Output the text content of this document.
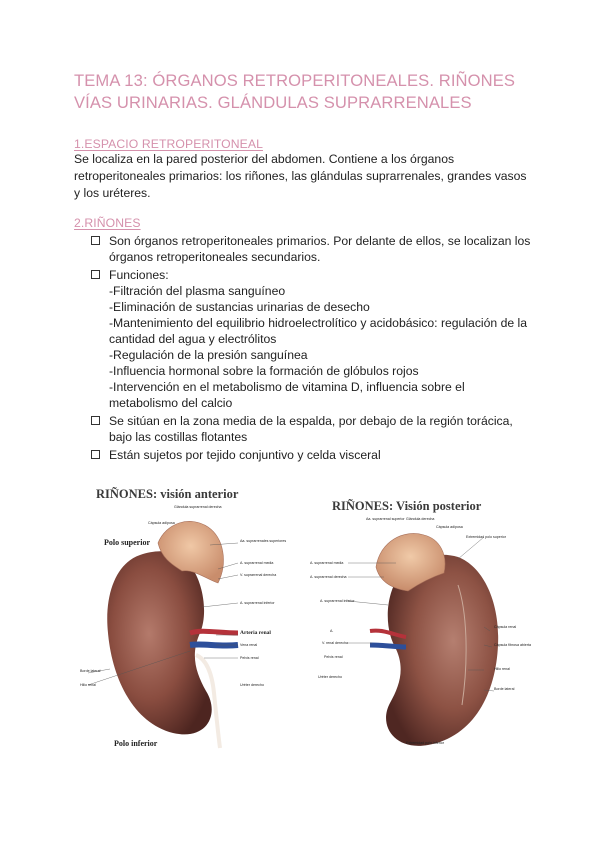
TEMA 13: ÓRGANOS RETROPERITONEALES. RIÑONES
VÍAS URINARIAS. GLÁNDULAS SUPRARRENALES
1.ESPACIO RETROPERITONEAL
Se localiza en la pared posterior del abdomen. Contiene a los órganos
retroperitoneales primarios: los riñones, las glándulas suprarrenales, grandes vasos
y los uréteres.
2.RIÑONES
Son órganos retroperitoneales primarios. Por delante de ellos, se localizan los
órganos retroperitoneales secundarios.
Funciones:
-Filtración del plasma sanguíneo
-Eliminación de sustancias urinarias de desecho
-Mantenimiento del equilibrio hidroelectrolítico y acidobásico: regulación de la
cantidad del agua y electrólitos
-Regulación de la presión sanguínea
-Influencia hormonal sobre la formación de glóbulos rojos
-Intervención en el metabolismo de vitamina D, influencia sobre el
metabolismo del calcio
Se sitúan en la zona media de la espalda, por debajo de la región torácica,
bajo las costillas flotantes
Están sujetos por tejido conjuntivo y celda visceral
RIÑONES: visión anterior
Polo superior
Polo inferior
Arteria renal
Glándula suprarrenal derecha
Cápsula adiposa
Aa. suprarrenales superiores
A. suprarrenal media
V. suprarrenal derecha
A. suprarrenal inferior
Vena renal
Pelvis renal
Uréter derecho
Borde lateral
Hilio renal
RIÑONES: Visión posterior
Aa. suprarrenal superior Glándula derecha
Cápsula adiposa
Extremidad polo superior
A. suprarrenal media
A. suprarrenal derecha
A. suprarrenal inferior
A.
V. renal derecha
Pelvis renal
Uréter derecho
Cápsula renal
Cápsula fibrosa abierta
Hilio renal
Borde lateral
Extremidad polo inferior
